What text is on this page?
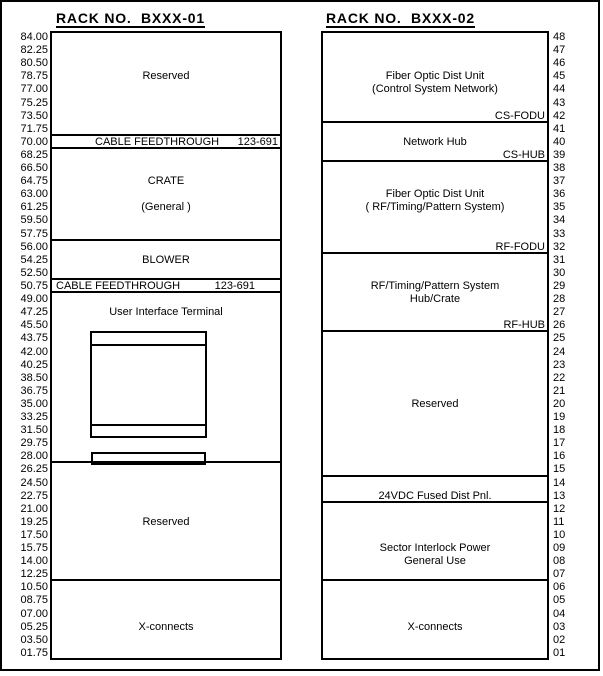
RACK NO.  BXXX-01
Reserved
CABLE FEEDTHROUGH	123-691
CRATE
(General )
BLOWER
CABLE FEEDTHROUGH	123-691
User Interface Terminal
Reserved
X-connects
84.00
82.25
80.50
78.75
77.00
75.25
73.50
71.75
70.00
68.25
66.50
64.75
63.00
61.25
59.50
57.75
56.00
54.25
52.50
50.75
49.00
47.25
45.50
43.75
42.00
40.25
38.50
36.75
35.00
33.25
31.50
29.75
28.00
26.25
24.50
22.75
21.00
19.25
17.50
15.75
14.00
12.25
10.50
08.75
07.00
05.25
03.50
01.75
RACK NO.  BXXX-02
Fiber Optic Dist Unit
(Control System Network)
CS-FODU
Network Hub
CS-HUB
Fiber Optic Dist Unit
( RF/Timing/Pattern System)
RF-FODU
RF/Timing/Pattern System
Hub/Crate
RF-HUB
Reserved
24VDC Fused Dist Pnl.
Sector Interlock Power
General Use
X-connects
48
47
46
45
44
43
42
41
40
39
38
37
36
35
34
33
32
31
30
29
28
27
26
25
24
23
22
21
20
19
18
17
16
15
14
13
12
11
10
09
08
07
06
05
04
03
02
01
